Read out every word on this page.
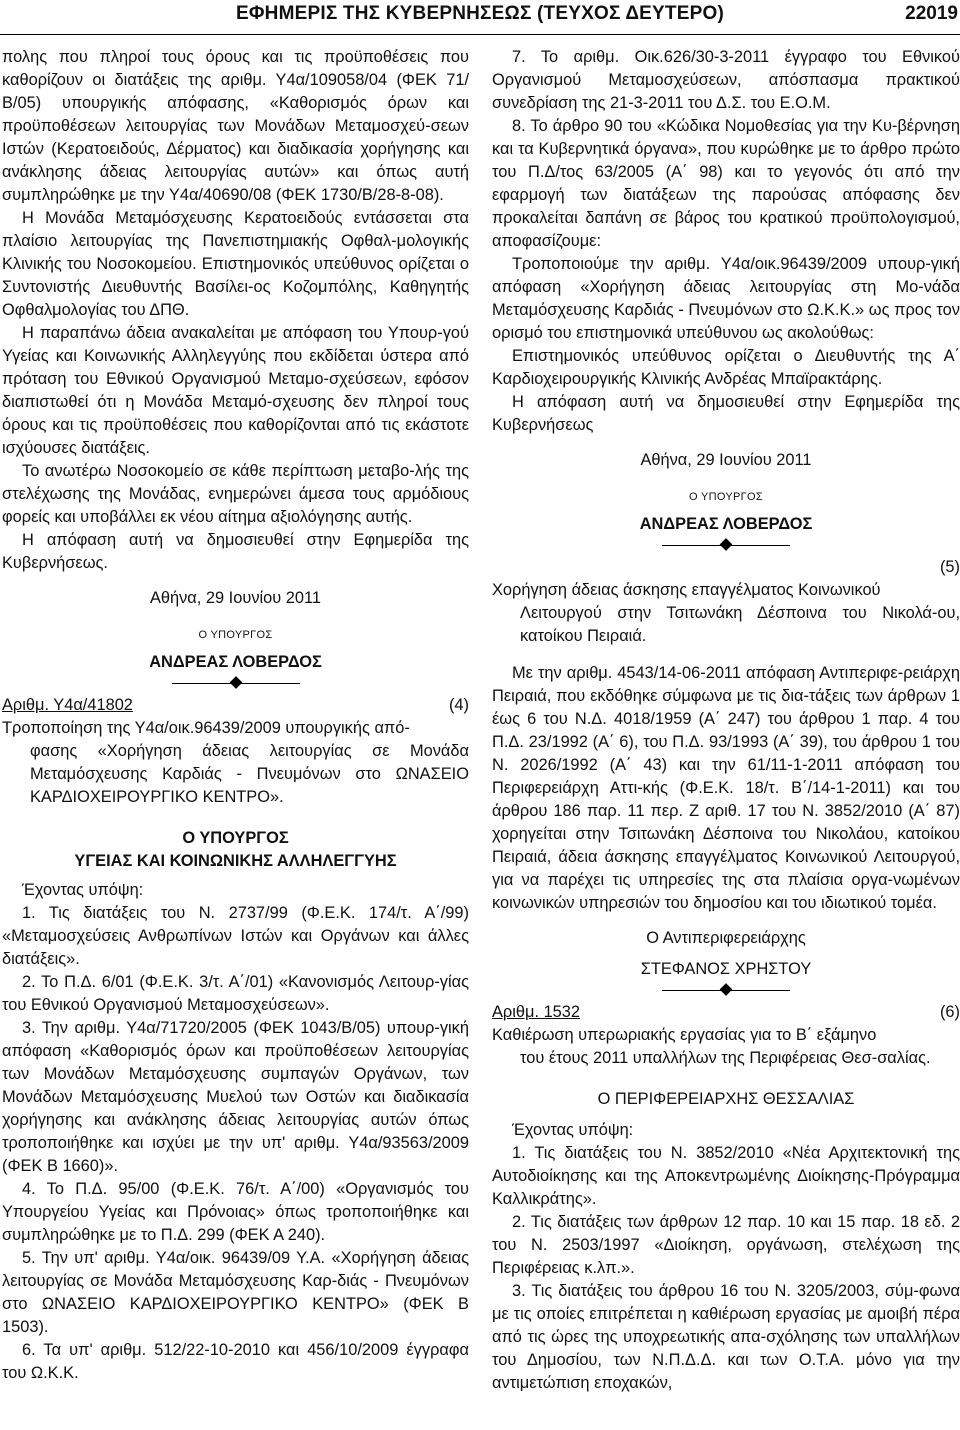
ΕΦΗΜΕΡΙΣ ΤΗΣ ΚΥΒΕΡΝΗΣΕΩΣ (ΤΕΥΧΟΣ ΔΕΥΤΕΡΟ)	22019

πολης που πληροί τους όρους και τις προϋποθέσεις που καθορίζουν οι διατάξεις της αριθμ. Υ4α/109058/04 (ΦΕΚ 71/Β/05) υπουργικής απόφασης, «Καθορισμός όρων και προϋποθέσεων λειτουργίας των Μονάδων Μεταμοσχεύ-σεων Ιστών (Κερατοειδούς, Δέρματος) και διαδικασία χορήγησης και ανάκλησης άδειας λειτουργίας αυτών» και όπως αυτή συμπληρώθηκε με την Υ4α/40690/08 (ΦΕΚ 1730/Β/28-8-08).

Η Μονάδα Μεταμόσχευσης Κερατοειδούς εντάσσεται στα πλαίσιο λειτουργίας της Πανεπιστημιακής Οφθαλ-μολογικής Κλινικής του Νοσοκομείου. Επιστημονικός υπεύθυνος ορίζεται ο Συντονιστής Διευθυντής Βασίλει-ος Κοζομπόλης, Καθηγητής Οφθαλμολογίας του ΔΠΘ.

Η παραπάνω άδεια ανακαλείται με απόφαση του Υπουρ-γού Υγείας και Κοινωνικής Αλληλεγγύης που εκδίδεται ύστερα από πρόταση του Εθνικού Οργανισμού Μεταμο-σχεύσεων, εφόσον διαπιστωθεί ότι η Μονάδα Μεταμό-σχευσης δεν πληροί τους όρους και τις προϋποθέσεις που καθορίζονται από τις εκάστοτε ισχύουσες διατάξεις.

Το ανωτέρω Νοσοκομείο σε κάθε περίπτωση μεταβο-λής της στελέχωσης της Μονάδας, ενημερώνει άμεσα τους αρμόδιους φορείς και υποβάλλει εκ νέου αίτημα αξιολόγησης αυτής.

Η απόφαση αυτή να δημοσιευθεί στην Εφημερίδα της Κυβερνήσεως.

Αθήνα, 29 Ιουνίου 2011

Ο ΥΠΟΥΡΓΟΣ

ΑΝΔΡΕΑΣ ΛΟΒΕΡΔΟΣ

Αριθμ. Υ4α/41802	(4)

Τροποποίηση της Υ4α/οικ.96439/2009 υπουργικής από-

φασης «Χορήγηση άδειας λειτουργίας σε Μονάδα Μεταμόσχευσης Καρδιάς - Πνευμόνων στο ΩΝΑΣΕΙΟ ΚΑΡΔΙΟΧΕΙΡΟΥΡΓΙΚΟ ΚΕΝΤΡΟ».

Ο ΥΠΟΥΡΓΟΣ

ΥΓΕΙΑΣ ΚΑΙ ΚΟΙΝΩΝΙΚΗΣ ΑΛΛΗΛΕΓΓΥΗΣ

Έχοντας υπόψη:

1. Τις διατάξεις του Ν. 2737/99 (Φ.Ε.Κ. 174/τ. Α΄/99) «Μεταμοσχεύσεις Ανθρωπίνων Ιστών και Οργάνων και άλλες διατάξεις».

2. Το Π.Δ. 6/01 (Φ.Ε.Κ. 3/τ. Α΄/01) «Κανονισμός Λειτουρ-γίας του Εθνικού Οργανισμού Μεταμοσχεύσεων».

3. Την αριθμ. Υ4α/71720/2005 (ΦΕΚ 1043/Β/05) υπουρ-γική απόφαση «Καθορισμός όρων και προϋποθέσεων λειτουργίας των Μονάδων Μεταμόσχευσης συμπαγών Οργάνων, των Μονάδων Μεταμόσχευσης Μυελού των Οστών και διαδικασία χορήγησης και ανάκλησης άδειας λειτουργίας αυτών όπως τροποποιήθηκε και ισχύει με την υπ' αριθμ. Υ4α/93563/2009 (ΦΕΚ Β 1660)».

4. Το Π.Δ. 95/00 (Φ.Ε.Κ. 76/τ. Α΄/00) «Οργανισμός του Υπουργείου Υγείας και Πρόνοιας» όπως τροποποιήθηκε και συμπληρώθηκε με το Π.Δ. 299 (ΦΕΚ Α 240).

5. Την υπ' αριθμ. Υ4α/οικ. 96439/09 Υ.Α. «Χορήγηση άδειας λειτουργίας σε Μονάδα Μεταμόσχευσης Καρ-διάς - Πνευμόνων στο ΩΝΑΣΕΙΟ ΚΑΡΔΙΟΧΕΙΡΟΥΡΓΙΚΟ ΚΕΝΤΡΟ» (ΦΕΚ Β 1503).

6. Τα υπ' αριθμ. 512/22-10-2010 και 456/10/2009 έγγραφα του Ω.Κ.Κ.

7. Το αριθμ. Οικ.626/30-3-2011 έγγραφο του Εθνικού Οργανισμού Μεταμοσχεύσεων, απόσπασμα πρακτικού συνεδρίαση της 21-3-2011 του Δ.Σ. του Ε.Ο.Μ.

8. Το άρθρο 90 του «Κώδικα Νομοθεσίας για την Κυ-βέρνηση και τα Κυβερνητικά όργανα», που κυρώθηκε με το άρθρο πρώτο του Π.Δ/τος 63/2005 (Α΄ 98) και το γεγονός ότι από την εφαρμογή των διατάξεων της παρούσας απόφασης δεν προκαλείται δαπάνη σε βάρος του κρατικού προϋπολογισμού, αποφασίζουμε:

Τροποποιούμε την αριθμ. Υ4α/οικ.96439/2009 υπουρ-γική απόφαση «Χορήγηση άδειας λειτουργίας στη Μο-νάδα Μεταμόσχευσης Καρδιάς - Πνευμόνων στο Ω.Κ.Κ.» ως προς τον ορισμό του επιστημονικά υπεύθυνου ως ακολούθως:

Επιστημονικός υπεύθυνος ορίζεται ο Διευθυντής της Α΄ Καρδιοχειρουργικής Κλινικής Ανδρέας Μπαϊρακτάρης.

Η απόφαση αυτή να δημοσιευθεί στην Εφημερίδα της Κυβερνήσεως

Αθήνα, 29 Ιουνίου 2011

Ο ΥΠΟΥΡΓΟΣ

ΑΝΔΡΕΑΣ ΛΟΒΕΡΔΟΣ

(5)

Χορήγηση άδειας άσκησης επαγγέλματος Κοινωνικού

Λειτουργού στην Τσιτωνάκη Δέσποινα του Νικολά-ου, κατοίκου Πειραιά.

Με την αριθμ. 4543/14-06-2011 απόφαση Αντιπεριφε-ρειάρχη Πειραιά, που εκδόθηκε σύμφωνα με τις δια-τάξεις των άρθρων 1 έως 6 του Ν.Δ. 4018/1959 (Α΄ 247) του άρθρου 1 παρ. 4 του Π.Δ. 23/1992 (Α΄ 6), του Π.Δ. 93/1993 (Α΄ 39), του άρθρου 1 του Ν. 2026/1992 (Α΄ 43) και την 61/11-1-2011 απόφαση του Περιφερειάρχη Αττι-κής (Φ.Ε.Κ. 18/τ. Β΄/14-1-2011) και του άρθρου 186 παρ. 11 περ. Ζ αριθ. 17 του Ν. 3852/2010 (Α΄ 87) χορηγείται στην Τσιτωνάκη Δέσποινα του Νικολάου, κατοίκου Πειραιά, άδεια άσκησης επαγγέλματος Κοινωνικού Λειτουργού, για να παρέχει τις υπηρεσίες της στα πλαίσια οργα-νωμένων κοινωνικών υπηρεσιών του δημοσίου και του ιδιωτικού τομέα.

Ο Αντιπεριφερειάρχης

ΣΤΕΦΑΝΟΣ ΧΡΗΣΤΟΥ

Αριθμ. 1532	(6)

Καθιέρωση υπερωριακής εργασίας για το Β΄ εξάμηνο

του έτους 2011 υπαλλήλων της Περιφέρειας Θεσ-σαλίας.

Ο ΠΕΡΙΦΕΡΕΙΑΡΧΗΣ ΘΕΣΣΑΛΙΑΣ

Έχοντας υπόψη:

1. Τις διατάξεις του Ν. 3852/2010 «Νέα Αρχιτεκτονική της Αυτοδιοίκησης και της Αποκεντρωμένης Διοίκησης-Πρόγραμμα Καλλικράτης».

2. Τις διατάξεις των άρθρων 12 παρ. 10 και 15 παρ. 18 εδ. 2 του Ν. 2503/1997 «Διοίκηση, οργάνωση, στελέχωση της Περιφέρειας κ.λπ.».

3. Τις διατάξεις του άρθρου 16 του Ν. 3205/2003, σύμ-φωνα με τις οποίες επιτρέπεται η καθιέρωση εργασίας με αμοιβή πέρα από τις ώρες της υποχρεωτικής απα-σχόλησης των υπαλλήλων του Δημοσίου, των Ν.Π.Δ.Δ. και των Ο.Τ.Α. μόνο για την αντιμετώπιση εποχακών,
